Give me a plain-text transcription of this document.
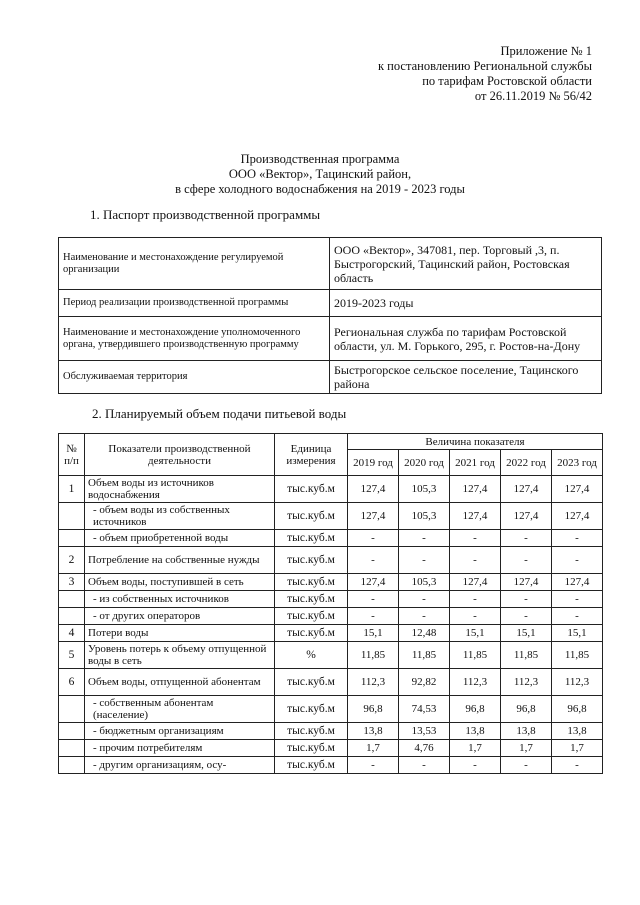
Приложение № 1
к постановлению Региональной службы
по тарифам Ростовской области
от 26.11.2019 № 56/42
Производственная программа
ООО «Вектор», Тацинский район,
в сфере холодного водоснабжения на 2019 - 2023 годы
1. Паспорт производственной программы
Наименование и местонахождение регулируемой организации	ООО «Вектор», 347081, пер. Торговый ,3, п. Быстрогорский, Тацинский район, Ростовская область
Период реализации производственной программы	2019-2023 годы
Наименование и местонахождение уполномоченного органа, утвердившего производственную программу	Региональная служба по тарифам Ростовской области, ул. М. Горького, 295, г. Ростов-на-Дону
Обслуживаемая территория	Быстрогорское сельское поселение, Тацинского района
2. Планируемый объем подачи питьевой воды
№ п/п	Показатели производственной деятельности	Единица измерения	Величина показателя				
			2019 год	2020 год	2021 год	2022 год	2023 год
1	Объем воды из источников водоснабжения	тыс.куб.м	127,4	105,3	127,4	127,4	127,4
	- объем воды из собственных источников	тыс.куб.м	127,4	105,3	127,4	127,4	127,4
	- объем приобретенной воды	тыс.куб.м	-	-	-	-	-
2	Потребление на собственные нужды	тыс.куб.м	-	-	-	-	-
3	Объем воды, поступившей в сеть	тыс.куб.м	127,4	105,3	127,4	127,4	127,4
	- из собственных источников	тыс.куб.м	-	-	-	-	-
	- от других операторов	тыс.куб.м	-	-	-	-	-
4	Потери воды	тыс.куб.м	15,1	12,48	15,1	15,1	15,1
5	Уровень потерь к объему отпущенной воды в сеть	%	11,85	11,85	11,85	11,85	11,85
6	Объем воды, отпущенной абонентам	тыс.куб.м	112,3	92,82	112,3	112,3	112,3
	- собственным абонентам (население)	тыс.куб.м	96,8	74,53	96,8	96,8	96,8
	- бюджетным организациям	тыс.куб.м	13,8	13,53	13,8	13,8	13,8
	- прочим потребителям	тыс.куб.м	1,7	4,76	1,7	1,7	1,7
	- другим организациям, осу-	тыс.куб.м	-	-	-	-	-
